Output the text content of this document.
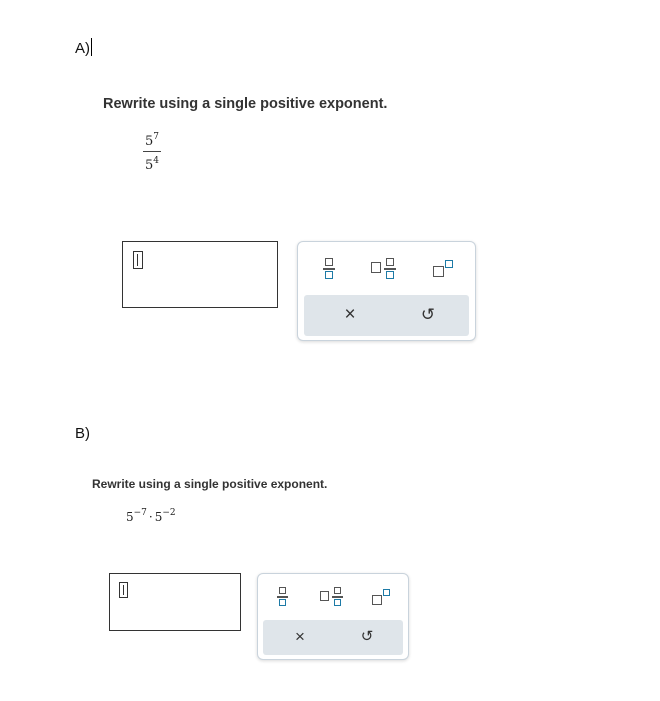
A)
Rewrite using a single positive exponent.
$\frac{5^7}{5^4}$
×	↺
B)
Rewrite using a single positive exponent.
$5^{-7} \cdot 5^{-2}$
×	↺
